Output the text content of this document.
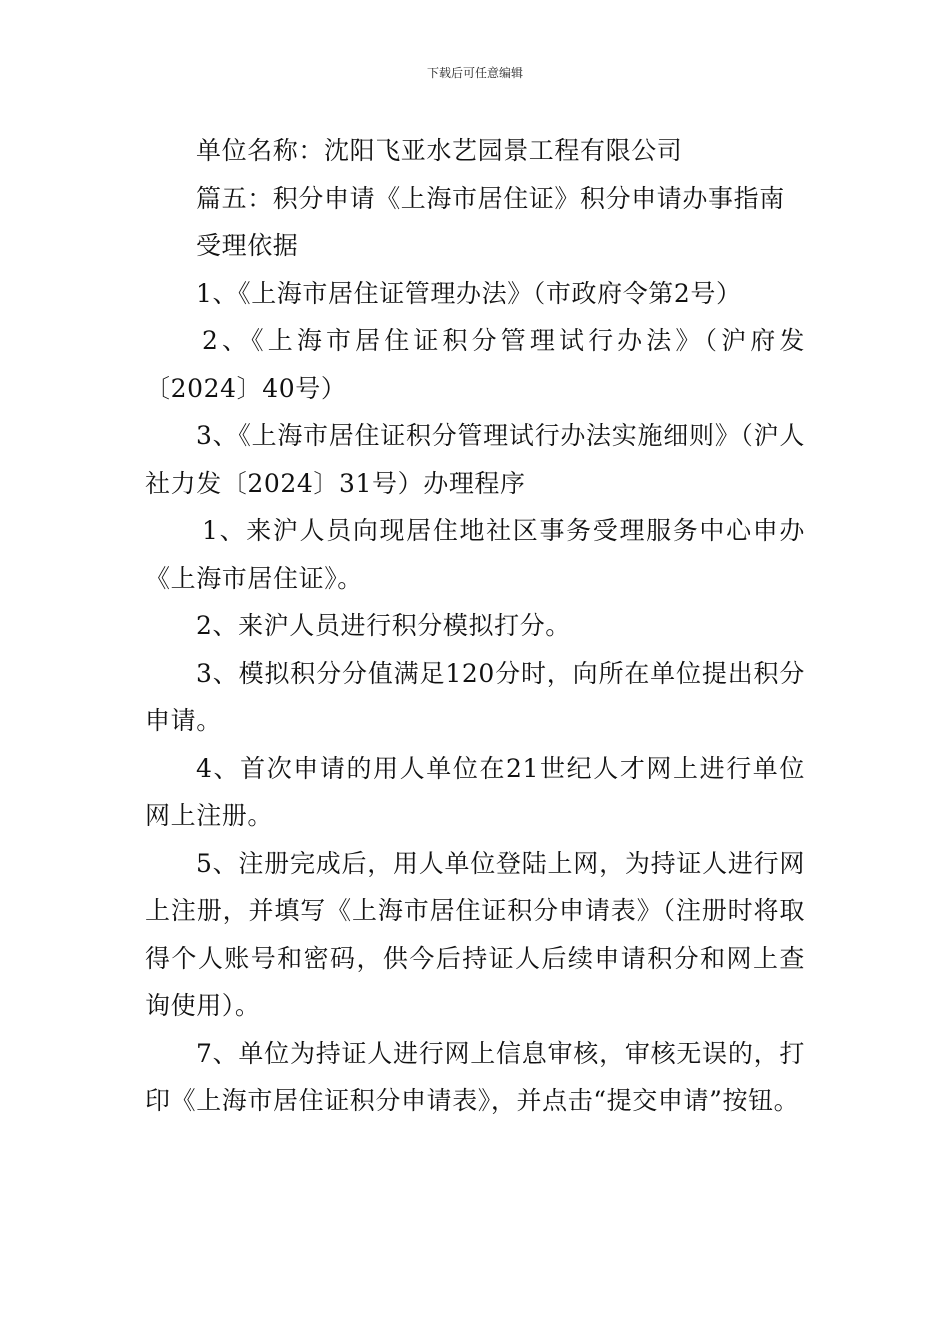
下载后可任意编辑

单位名称：沈阳飞亚水艺园景工程有限公司

篇五：积分申请《上海市居住证》积分申请办事指南

受理依据

1、《上海市居住证管理办法》（市政府令第2号）

2、《上海市居住证积分管理试行办法》（沪府发〔2024〕40号）

3、《上海市居住证积分管理试行办法实施细则》（沪人社力发〔2024〕31号）办理程序

1、来沪人员向现居住地社区事务受理服务中心申办《上海市居住证》。

2、来沪人员进行积分模拟打分。

3、模拟积分分值满足120分时，向所在单位提出积分申请。

4、首次申请的用人单位在21世纪人才网上进行单位网上注册。

5、注册完成后，用人单位登陆上网，为持证人进行网上注册，并填写《上海市居住证积分申请表》（注册时将取得个人账号和密码，供今后持证人后续申请积分和网上查询使用）。

7、单位为持证人进行网上信息审核，审核无误的，打印《上海市居住证积分申请表》，并点击“提交申请”按钮。
